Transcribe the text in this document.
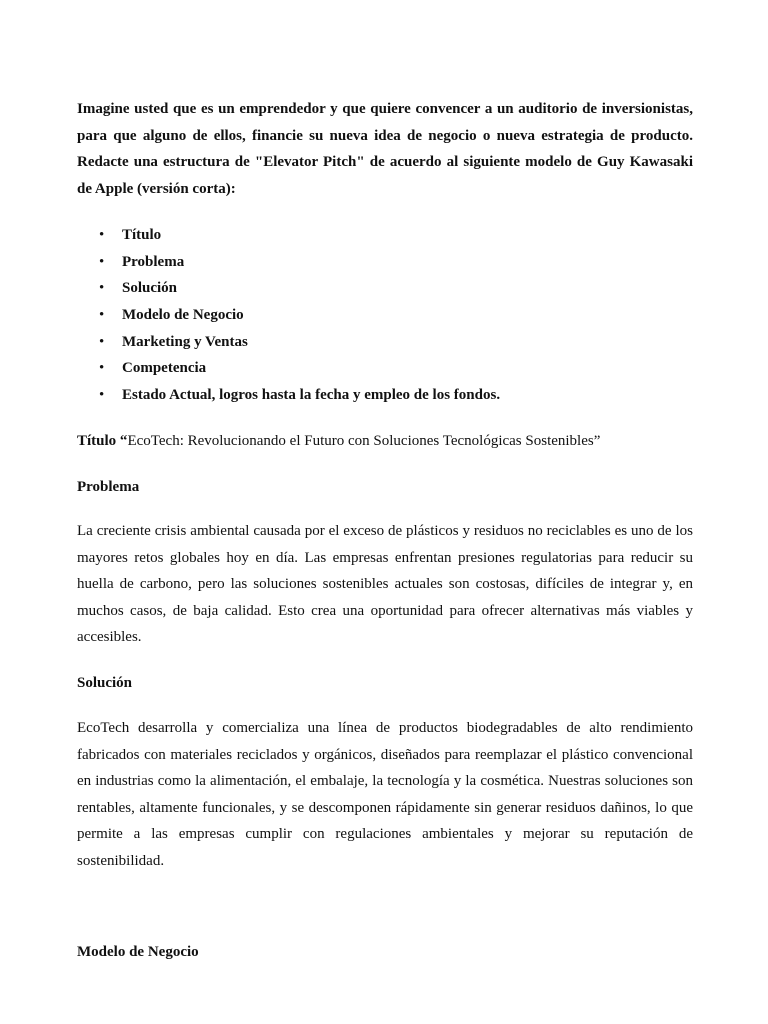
Imagine usted que es un emprendedor y que quiere convencer a un auditorio de inversionistas, para que alguno de ellos, financie su nueva idea de negocio o nueva estrategia de producto. Redacte una estructura de "Elevator Pitch" de acuerdo al siguiente modelo de Guy Kawasaki de Apple (versión corta):

• Título
• Problema
• Solución
• Modelo de Negocio
• Marketing y Ventas
• Competencia
• Estado Actual, logros hasta la fecha y empleo de los fondos.

Título “EcoTech: Revolucionando el Futuro con Soluciones Tecnológicas Sostenibles”

Problema

La creciente crisis ambiental causada por el exceso de plásticos y residuos no reciclables es uno de los mayores retos globales hoy en día. Las empresas enfrentan presiones regulatorias para reducir su huella de carbono, pero las soluciones sostenibles actuales son costosas, difíciles de integrar y, en muchos casos, de baja calidad. Esto crea una oportunidad para ofrecer alternativas más viables y accesibles.

Solución

EcoTech desarrolla y comercializa una línea de productos biodegradables de alto rendimiento fabricados con materiales reciclados y orgánicos, diseñados para reemplazar el plástico convencional en industrias como la alimentación, el embalaje, la tecnología y la cosmética. Nuestras soluciones son rentables, altamente funcionales, y se descomponen rápidamente sin generar residuos dañinos, lo que permite a las empresas cumplir con regulaciones ambientales y mejorar su reputación de sostenibilidad.

Modelo de Negocio
